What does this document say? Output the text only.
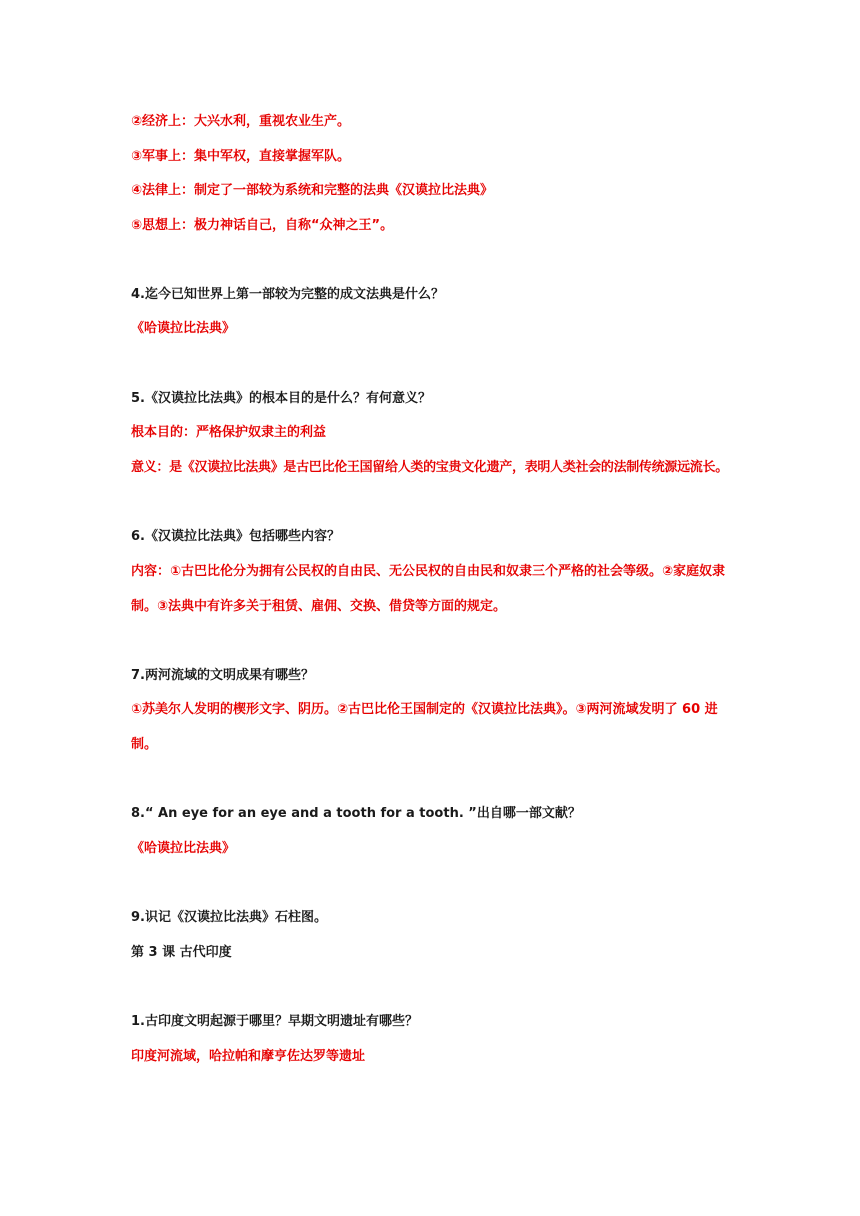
②经济上：大兴水利，重视农业生产。
③军事上：集中军权，直接掌握军队。
④法律上：制定了一部较为系统和完整的法典《汉谟拉比法典》
⑤思想上：极力神话自己，自称“众神之王”。
4.迄今已知世界上第一部较为完整的成文法典是什么？
《哈谟拉比法典》
5.《汉谟拉比法典》的根本目的是什么？有何意义？
根本目的：严格保护奴隶主的利益
意义：是《汉谟拉比法典》是古巴比伦王国留给人类的宝贵文化遗产，表明人类社会的法制传统源远流长。
6.《汉谟拉比法典》包括哪些内容？
内容：①古巴比伦分为拥有公民权的自由民、无公民权的自由民和奴隶三个严格的社会等级。②家庭奴隶
制。③法典中有许多关于租赁、雇佣、交换、借贷等方面的规定。
7.两河流域的文明成果有哪些？
①苏美尔人发明的楔形文字、阴历。②古巴比伦王国制定的《汉谟拉比法典》。③两河流域发明了 60 进
制。
8.“ An eye for an eye and a tooth for a tooth. ”出自哪一部文献？
《哈谟拉比法典》
9.识记《汉谟拉比法典》石柱图。
第 3 课 古代印度
1.古印度文明起源于哪里？早期文明遗址有哪些？
印度河流域，哈拉帕和摩亨佐达罗等遗址
